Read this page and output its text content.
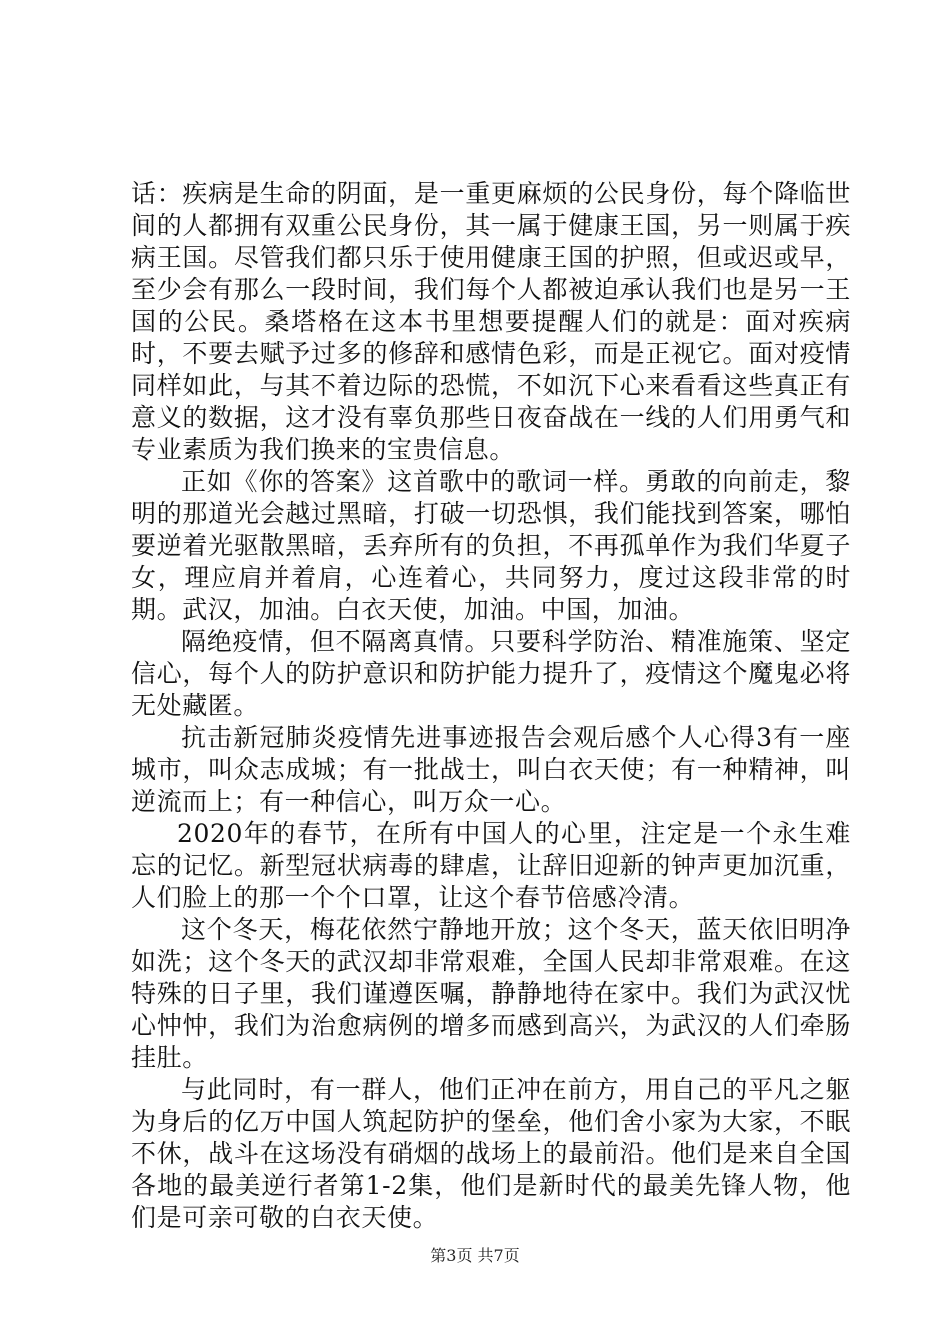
话：疾病是生命的阴面，是一重更麻烦的公民身份，每个降临世间的人都拥有双重公民身份，其一属于健康王国，另一则属于疾病王国。尽管我们都只乐于使用健康王国的护照，但或迟或早，至少会有那么一段时间，我们每个人都被迫承认我们也是另一王国的公民。桑塔格在这本书里想要提醒人们的就是：面对疾病时，不要去赋予过多的修辞和感情色彩，而是正视它。面对疫情同样如此，与其不着边际的恐慌，不如沉下心来看看这些真正有意义的数据，这才没有辜负那些日夜奋战在一线的人们用勇气和专业素质为我们换来的宝贵信息。

正如《你的答案》这首歌中的歌词一样。勇敢的向前走，黎明的那道光会越过黑暗，打破一切恐惧，我们能找到答案，哪怕要逆着光驱散黑暗，丢弃所有的负担，不再孤单作为我们华夏子女，理应肩并着肩，心连着心，共同努力，度过这段非常的时期。武汉，加油。白衣天使，加油。中国，加油。

隔绝疫情，但不隔离真情。只要科学防治、精准施策、坚定信心，每个人的防护意识和防护能力提升了，疫情这个魔鬼必将无处藏匿。

抗击新冠肺炎疫情先进事迹报告会观后感个人心得3有一座城市，叫众志成城；有一批战士，叫白衣天使；有一种精神，叫逆流而上；有一种信心，叫万众一心。

2020年的春节，在所有中国人的心里，注定是一个永生难忘的记忆。新型冠状病毒的肆虐，让辞旧迎新的钟声更加沉重，人们脸上的那一个个口罩，让这个春节倍感冷清。

这个冬天，梅花依然宁静地开放；这个冬天，蓝天依旧明净如洗；这个冬天的武汉却非常艰难，全国人民却非常艰难。在这特殊的日子里，我们谨遵医嘱，静静地待在家中。我们为武汉忧心忡忡，我们为治愈病例的增多而感到高兴，为武汉的人们牵肠挂肚。

与此同时，有一群人，他们正冲在前方，用自己的平凡之躯为身后的亿万中国人筑起防护的堡垒，他们舍小家为大家，不眠不休，战斗在这场没有硝烟的战场上的最前沿。他们是来自全国各地的最美逆行者第1-2集，他们是新时代的最美先锋人物，他们是可亲可敬的白衣天使。

第3页 共7页
